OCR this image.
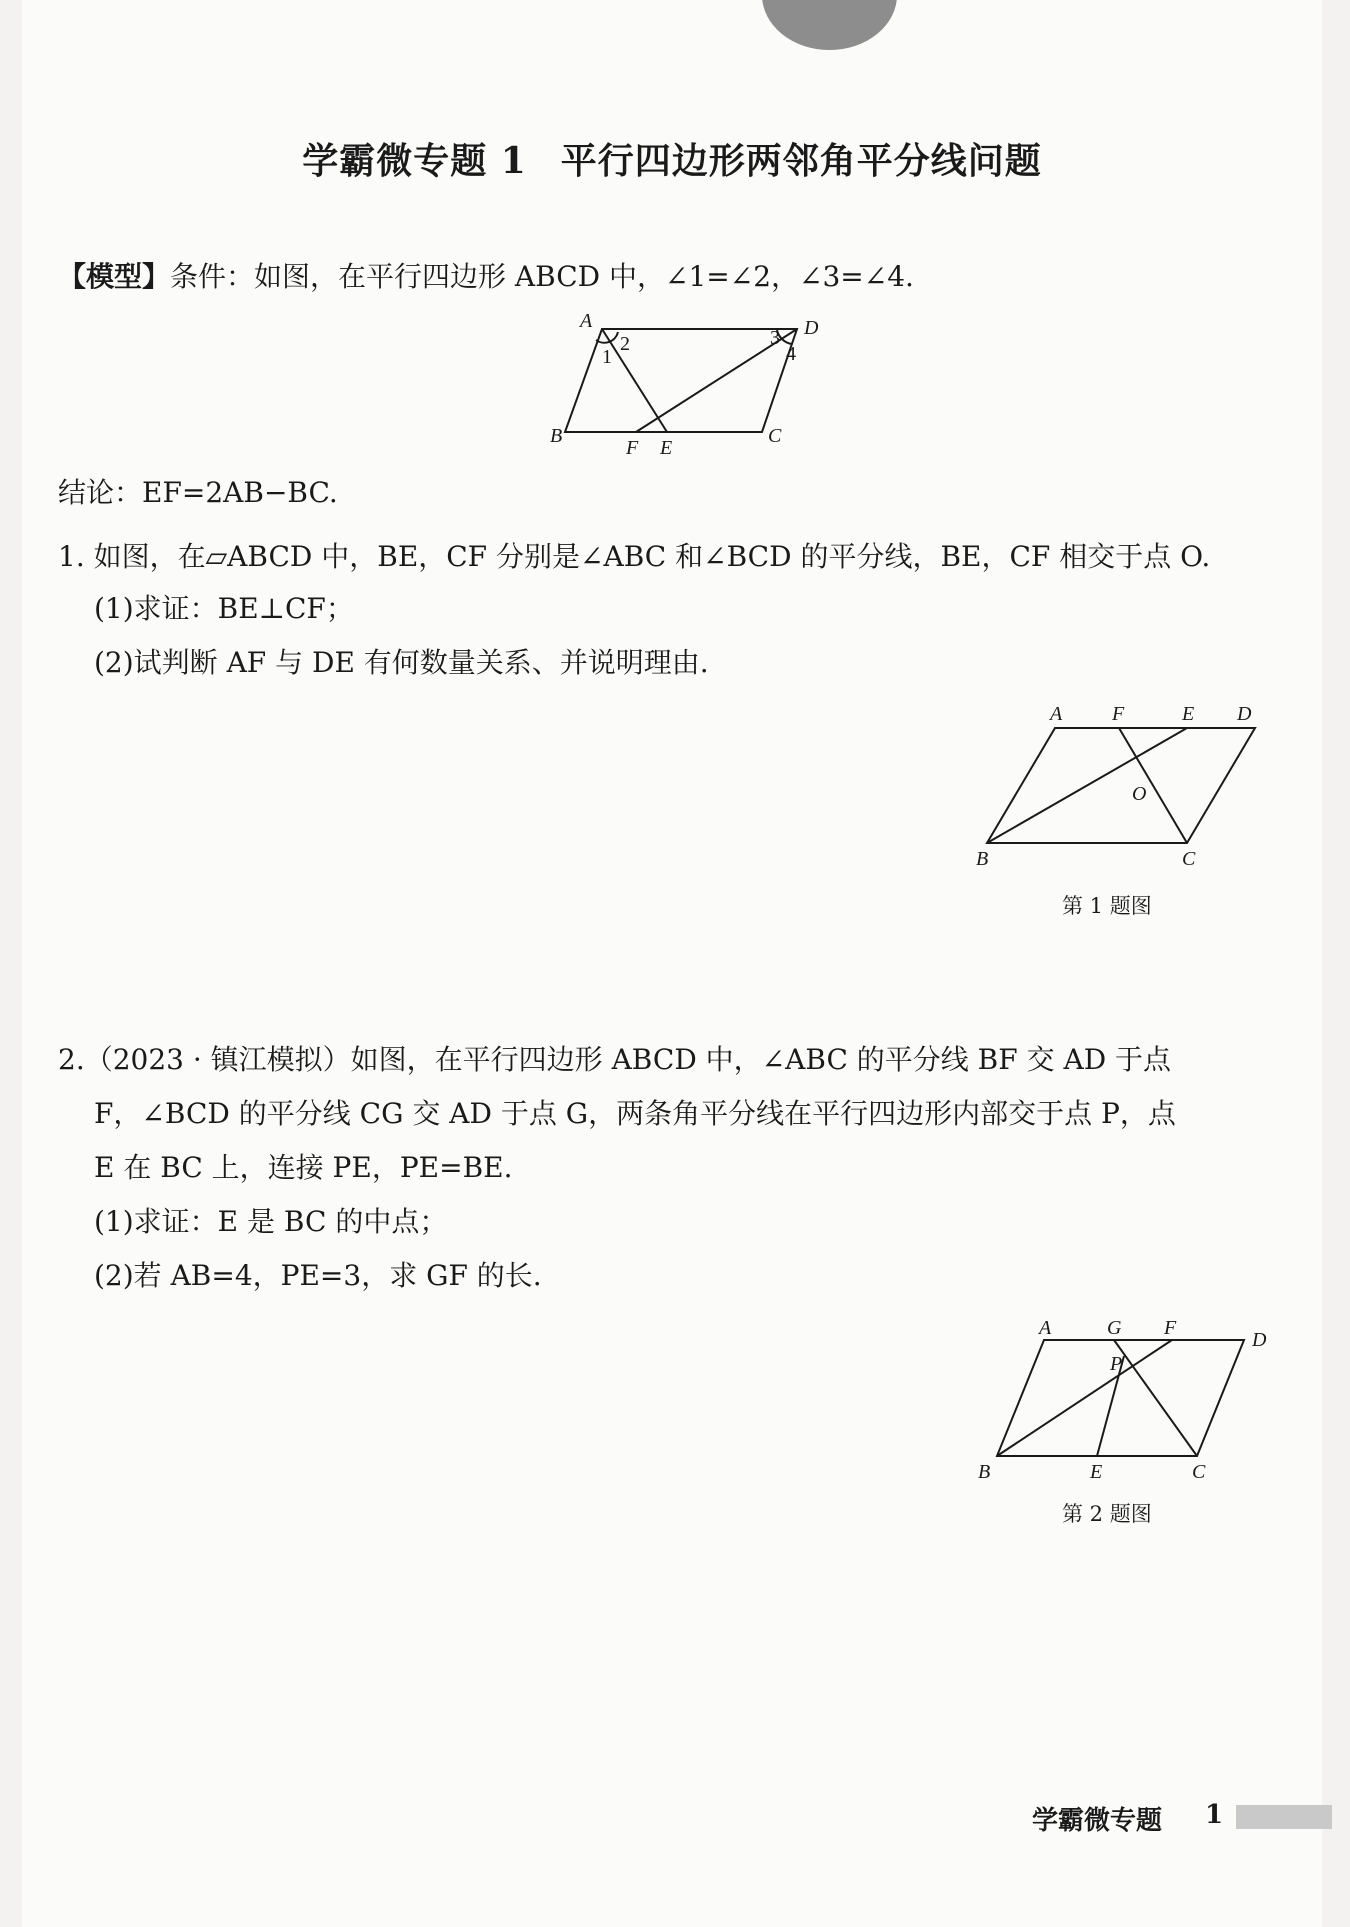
学霸微专题 1 平行四边形两邻角平分线问题
【模型】条件：如图，在平行四边形 ABCD 中，∠1=∠2，∠3=∠4.
A	D
B	C
F E
1
2	3
4
结论：EF=2AB−BC.
1. 如图，在▱ABCD 中，BE，CF 分别是∠ABC 和∠BCD 的平分线，BE，CF 相交于点 O.
(1)求证：BE⊥CF；
(2)试判断 AF 与 DE 有何数量关系、并说明理由.
A F	E D
O
B	C
第 1 题图
2.（2023 · 镇江模拟）如图，在平行四边形 ABCD 中，∠ABC 的平分线 BF 交 AD 于点
F，∠BCD 的平分线 CG 交 AD 于点 G，两条角平分线在平行四边形内部交于点 P，点
E 在 BC 上，连接 PE，PE=BE.
(1)求证：E 是 BC 的中点；
(2)若 AB=4，PE=3，求 GF 的长.
A	G F
D
P
B	E	C
第 2 题图
学霸微专题 1
